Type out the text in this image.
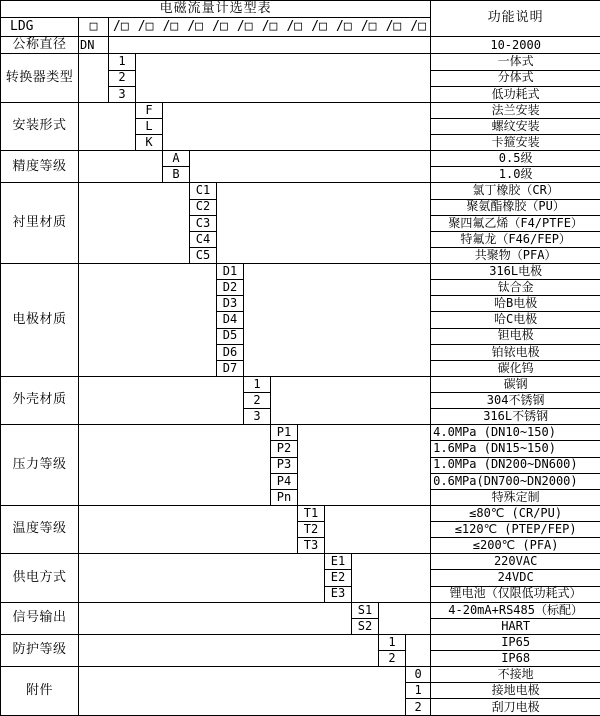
电磁流量计选型表														功能说明
LDG	□	/□ /□ /□ /□ /□ /□ /□ /□ /□ /□ /□ /□ /□

公称直径	DN													10-2000
转换器类型		1												一体式
		2												分体式
		3												低功耗式
安装形式			F											法兰安装
			L											螺纹安装
			K											卡箍安装
精度等级				A										0.5级
				B										1.0级
衬里材质					C1									氯丁橡胶（CR）
					C2									聚氨酯橡胶（PU）
					C3									聚四氟乙烯（F4/PTFE）
					C4									特氟龙（F46/FEP）
					C5									共聚物（PFA）
电极材质						D1								316L电极
						D2								钛合金
						D3								哈B电极
						D4								哈C电极
						D5								钽电极
						D6								铂铱电极
						D7								碳化钨
外壳材质							1							碳钢
							2							304不锈钢
							3							316L不锈钢
压力等级								P1						4.0MPa (DN10~150)
								P2						1.6MPa (DN15~150)
								P3						1.0MPa (DN200~DN600)
								P4						0.6MPa(DN700~DN2000)
								Pn						特殊定制
温度等级									T1					≤80℃ (CR/PU)
									T2					≤120℃ (PTEP/FEP)
									T3					≤200℃ (PFA)
供电方式										E1				220VAC
										E2				24VDC
										E3				锂电池（仅限低功耗式）
信号输出											S1			4-20mA+RS485（标配）
											S2			HART
防护等级												1		IP65
												2		IP68
附件													0	不接地
													1	接地电极
													2	刮刀电极
